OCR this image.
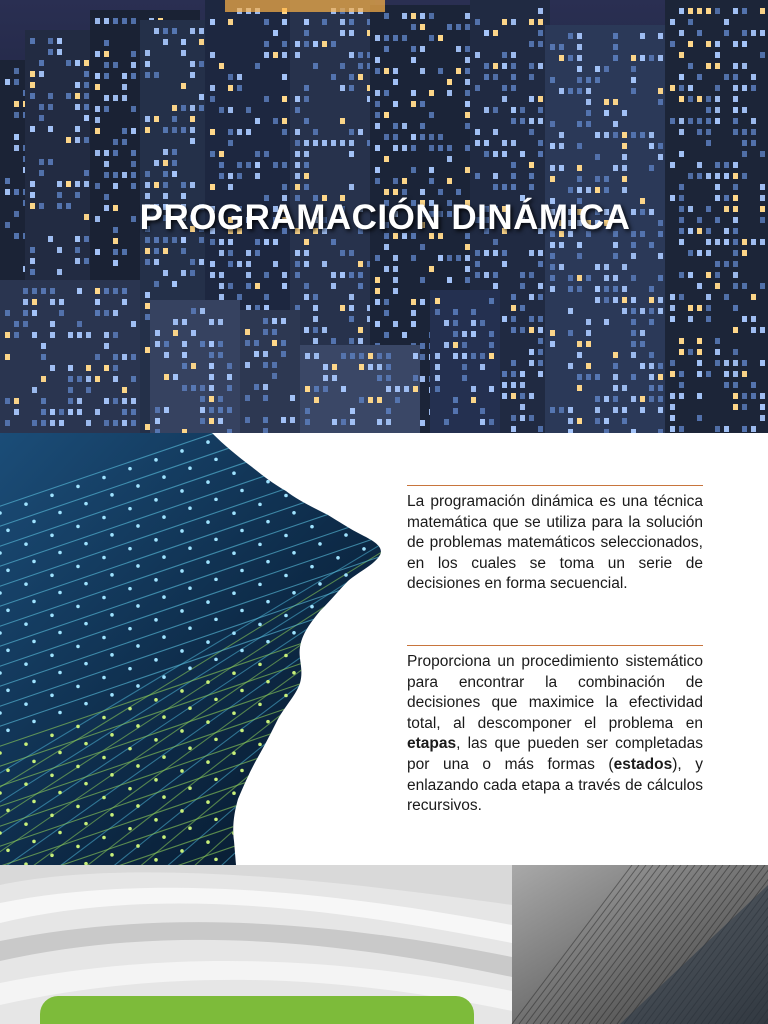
PROGRAMACIÓN DINÁMICA

La programación dinámica es una técnica matemática que se utiliza para la solución de problemas matemáticos seleccionados, en los cuales se toma un serie de decisiones en forma secuencial.

Proporciona un procedimiento sistemático para encontrar la combinación de decisiones que maximice la efectividad total, al descomponer el problema en etapas, las que pueden ser completadas por una o más formas (estados), y enlazando cada etapa a través de cálculos recursivos.
